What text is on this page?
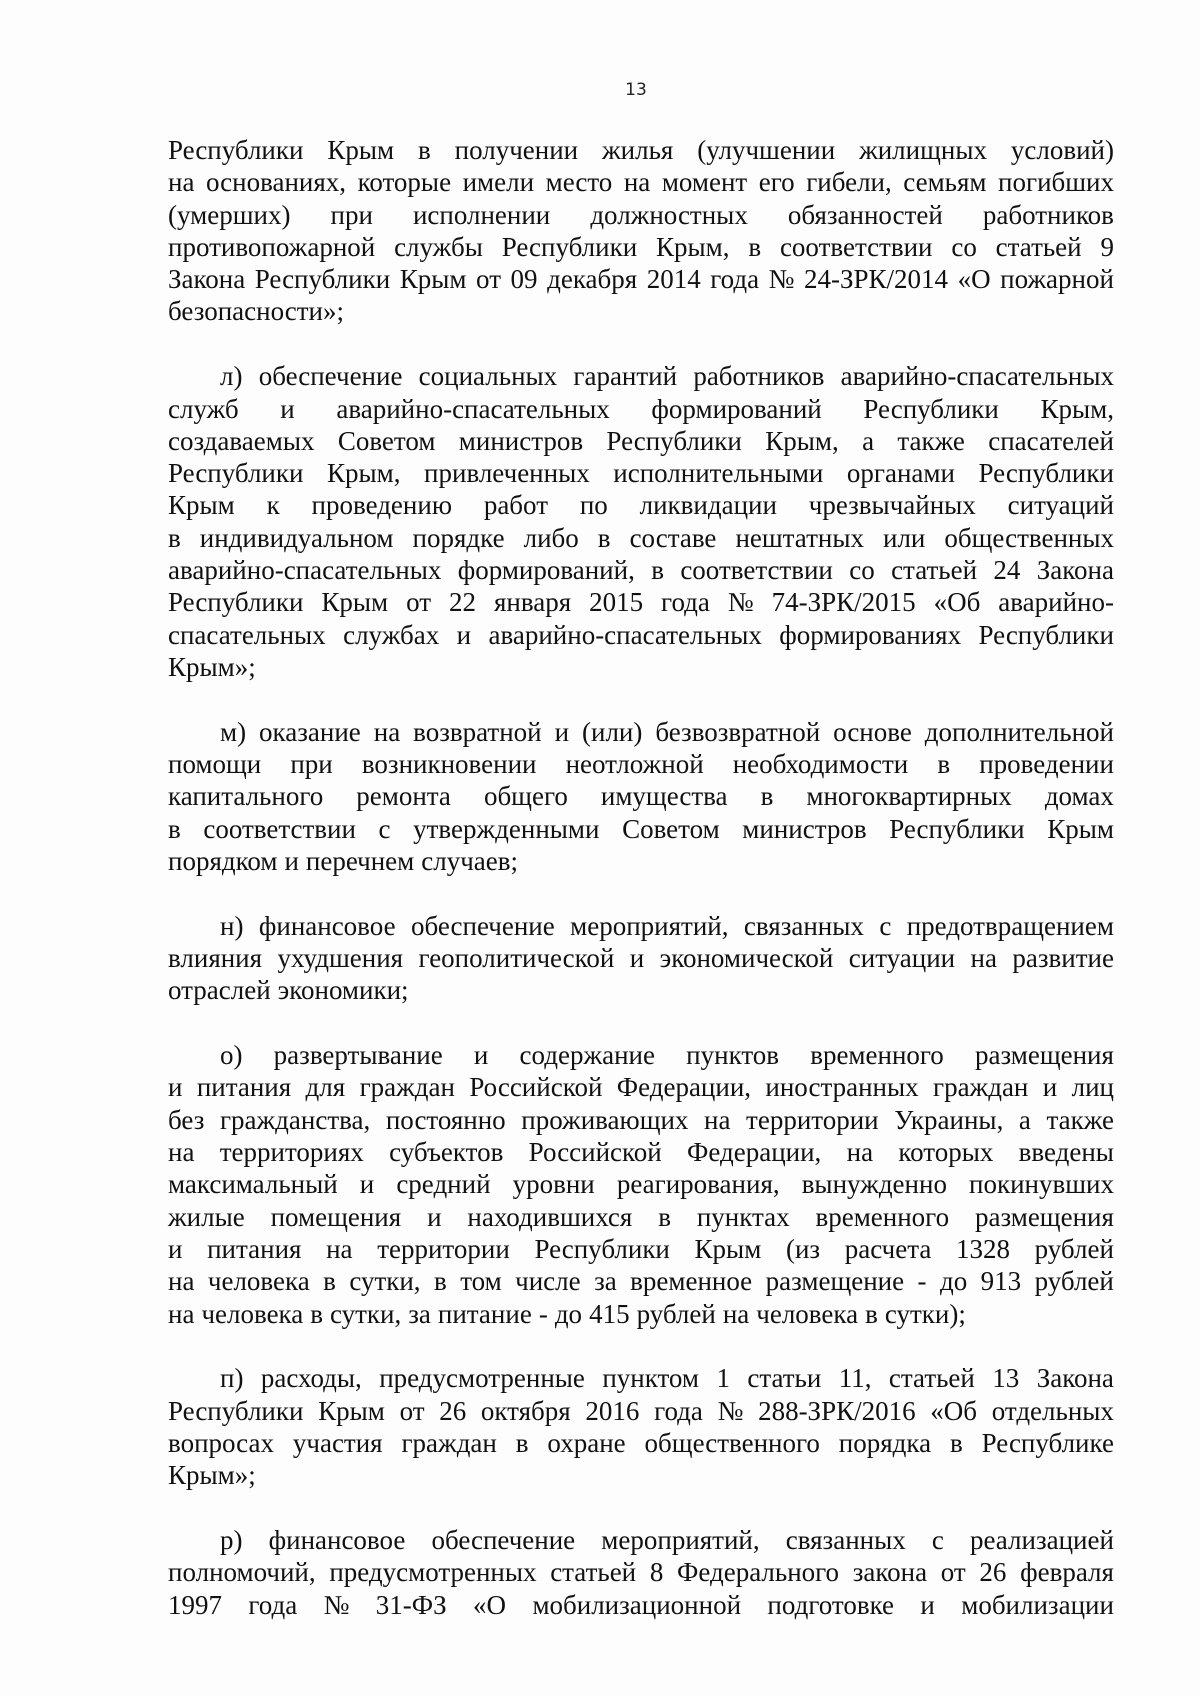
13
Республики Крым в получении жилья (улучшении жилищных условий)
на основаниях, которые имели место на момент его гибели, семьям погибших
(умерших) при исполнении должностных обязанностей работников
противопожарной службы Республики Крым, в соответствии со статьей 9
Закона Республики Крым от 09 декабря 2014 года № 24-ЗРК/2014 «О пожарной
безопасности»;
л) обеспечение социальных гарантий работников аварийно-спасательных
служб и аварийно-спасательных формирований Республики Крым,
создаваемых Советом министров Республики Крым, а также спасателей
Республики Крым, привлеченных исполнительными органами Республики
Крым к проведению работ по ликвидации чрезвычайных ситуаций
в индивидуальном порядке либо в составе нештатных или общественных
аварийно-спасательных формирований, в соответствии со статьей 24 Закона
Республики Крым от 22 января 2015 года № 74-ЗРК/2015 «Об аварийно-
спасательных службах и аварийно-спасательных формированиях Республики
Крым»;
м) оказание на возвратной и (или) безвозвратной основе дополнительной
помощи при возникновении неотложной необходимости в проведении
капитального ремонта общего имущества в многоквартирных домах
в соответствии с утвержденными Советом министров Республики Крым
порядком и перечнем случаев;
н) финансовое обеспечение мероприятий, связанных с предотвращением
влияния ухудшения геополитической и экономической ситуации на развитие
отраслей экономики;
о) развертывание и содержание пунктов временного размещения
и питания для граждан Российской Федерации, иностранных граждан и лиц
без гражданства, постоянно проживающих на территории Украины, а также
на территориях субъектов Российской Федерации, на которых введены
максимальный и средний уровни реагирования, вынужденно покинувших
жилые помещения и находившихся в пунктах временного размещения
и питания на территории Республики Крым (из расчета 1328 рублей
на человека в сутки, в том числе за временное размещение - до 913 рублей
на человека в сутки, за питание - до 415 рублей на человека в сутки);
п) расходы, предусмотренные пунктом 1 статьи 11, статьей 13 Закона
Республики Крым от 26 октября 2016 года № 288-ЗРК/2016 «Об отдельных
вопросах участия граждан в охране общественного порядка в Республике
Крым»;
р) финансовое обеспечение мероприятий, связанных с реализацией
полномочий, предусмотренных статьей 8 Федерального закона от 26 февраля
1997 года № 31-ФЗ «О мобилизационной подготовке и мобилизации
